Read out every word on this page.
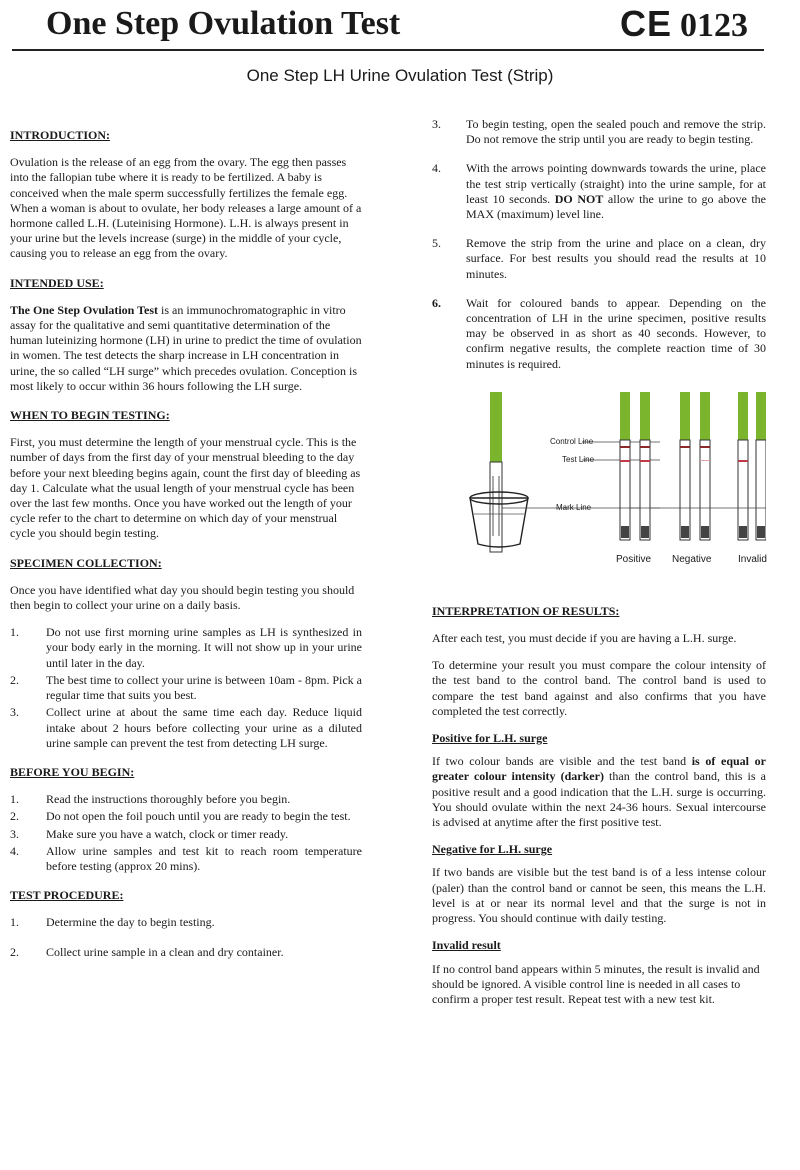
One Step Ovulation Test	CE 0123
One Step LH Urine Ovulation Test (Strip)
INTRODUCTION:

Ovulation is the release of an egg from the ovary. The egg then passes into the fallopian tube where it is ready to be fertilized. A baby is conceived when the male sperm successfully fertilizes the female egg. When a woman is about to ovulate, her body releases a large amount of a hormone called L.H. (Luteinising Hormone). L.H. is always present in your urine but the levels increase (surge) in the middle of your cycle, causing you to release an egg from the ovary.

INTENDED USE:

The One Step Ovulation Test is an immunochromatographic in vitro assay for the qualitative and semi quantitative determination of the human luteinizing hormone (LH) in urine to predict the time of ovulation in women. The test detects the sharp increase in LH concentration in urine, the so called “LH surge” which precedes ovulation. Conception is most likely to occur within 36 hours following the LH surge.

WHEN TO BEGIN TESTING:

First, you must determine the length of your menstrual cycle. This is the number of days from the first day of your menstrual bleeding to the day before your next bleeding begins again, count the first day of bleeding as day 1. Calculate what the usual length of your menstrual cycle has been over the last few months. Once you have worked out the length of your cycle refer to the chart to determine on which day of your menstrual cycle you should begin testing.

SPECIMEN COLLECTION:

Once you have identified what day you should begin testing you should then begin to collect your urine on a daily basis.

1. Do not use first morning urine samples as LH is synthesized in your body early in the morning. It will not show up in your urine until later in the day.
2. The best time to collect your urine is between 10am - 8pm. Pick a regular time that suits you best.
3. Collect urine at about the same time each day. Reduce liquid intake about 2 hours before collecting your urine as a diluted urine sample can prevent the test from detecting LH surge.
BEFORE YOU BEGIN:
1. Read the instructions thoroughly before you begin.
2. Do not open the foil pouch until you are ready to begin the test.
3. Make sure you have a watch, clock or timer ready.
4. Allow urine samples and test kit to reach room temperature before testing (approx 20 mins).
TEST PROCEDURE:
1. Determine the day to begin testing.
2. Collect urine sample in a clean and dry container.
3. To begin testing, open the sealed pouch and remove the strip. Do not remove the strip until you are ready to begin testing.
4. With the arrows pointing downwards towards the urine, place the test strip vertically (straight) into the urine sample, for at least 10 seconds. DO NOT allow the urine to go above the MAX (maximum) level line.
5. Remove the strip from the urine and place on a clean, dry surface. For best results you should read the results at 10 minutes.
6. Wait for coloured bands to appear. Depending on the concentration of LH in the urine specimen, positive results may be observed in as short as 40 seconds. However, to confirm negative results, the complete reaction time of 30 minutes is required.
Control Line
Test Line
Mark Line
Positive Negative	Invalid
INTERPRETATION OF RESULTS:

After each test, you must decide if you are having a L.H. surge.

To determine your result you must compare the colour intensity of the test band to the control band. The control band is used to compare the test band against and also confirms that you have completed the test correctly.

Positive for L.H. surge

If two colour bands are visible and the test band is of equal or greater colour intensity (darker) than the control band, this is a positive result and a good indication that the L.H. surge is occurring. You should ovulate within the next 24-36 hours. Sexual intercourse is advised at anytime after the first positive test.

Negative for L.H. surge

If two bands are visible but the test band is of a less intense colour (paler) than the control band or cannot be seen, this means the L.H. level is at or near its normal level and that the surge is not in progress. You should continue with daily testing.

Invalid result

If no control band appears within 5 minutes, the result is invalid and should be ignored. A visible control line is needed in all cases to confirm a proper test result. Repeat test with a new test kit.
